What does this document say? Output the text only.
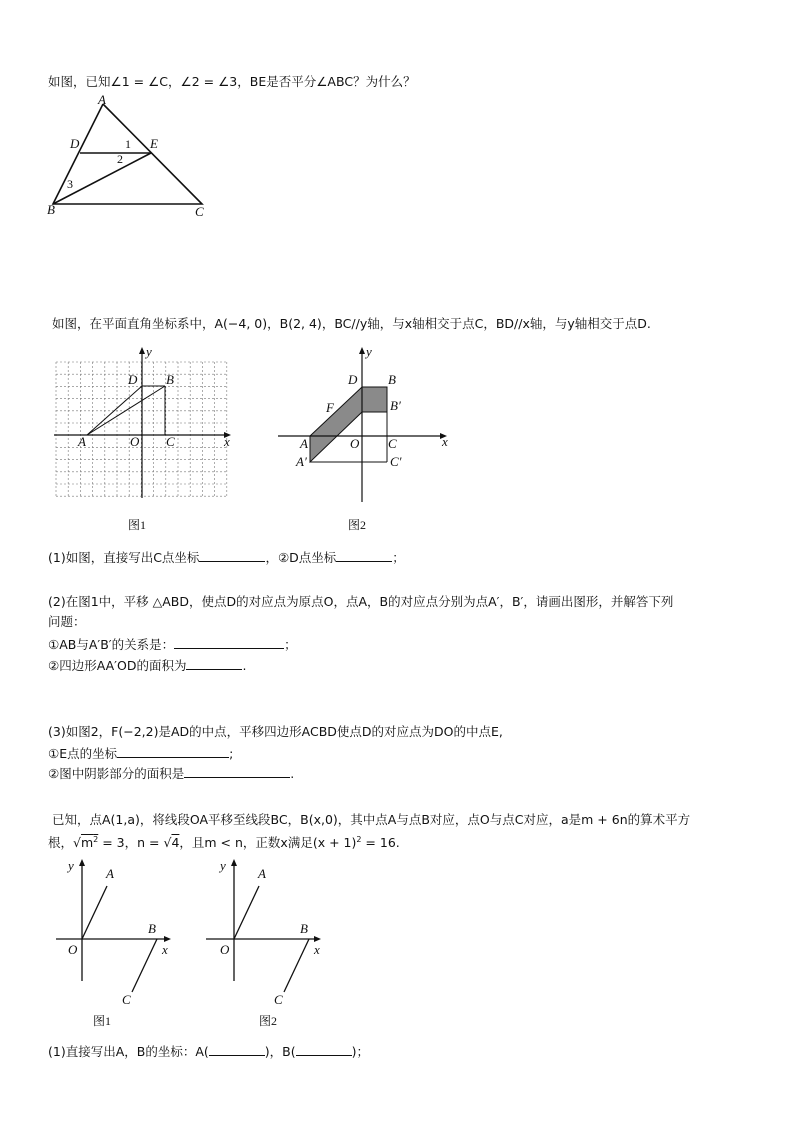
如图，已知∠1 = ∠C，∠2 = ∠3，BE是否平分∠ABC？为什么？
A
D	E
B	C
1
2
3
如图，在平面直角坐标系中，A(−4, 0)，B(2, 4)，BC//y轴，与x轴相交于点C，BD//x轴，与y轴相交于点D.
y
x
D B
A	O C
图1
y
x
D B
B′
F
A	O C
A′	C′
图2
(1)如图，直接写出C点坐标	，②D点坐标	；
(2)在图1中，平移 △ABD，使点D的对应点为原点O，点A，B的对应点分别为点A′，B′，请画出图形，并解答下列
问题：
①AB与A′B′的关系是：	；
②四边形AA′OD的面积为	.
(3)如图2，F(−2,2)是AD的中点，平移四边形ACBD使点D的对应点为DO的中点E,
①E点的坐标	;
②图中阴影部分的面积是	.
已知，点A(1,a)，将线段OA平移至线段BC，B(x,0)，其中点A与点B对应，点O与点C对应，a是m + 6n的算术平方
根，$√m^2 = 3$，n = √4，且m < n，正数x满足$(x + 1)^2 = 16$.
y
A
B
x
O
C
图1
y
A
B
x
O
C
图2
(1)直接写出A，B的坐标：A(	)，B(	)；
